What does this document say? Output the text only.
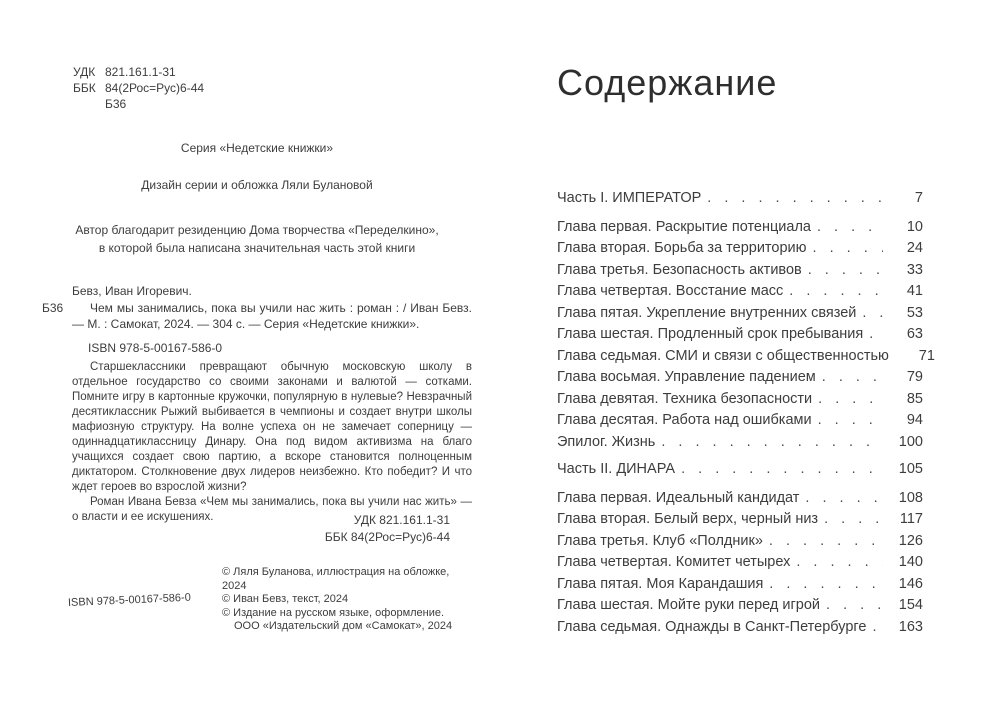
УДК 821.161.1-31
ББК 84(2Рос=Рус)6-44
Б36
Серия «Недетские книжки»
Дизайн серии и обложка Ляли Булановой
Автор благодарит резиденцию Дома творчества «Переделкино»,
в которой была написана значительная часть этой книги
Бевз, Иван Игоревич.
Б36	Чем мы занимались, пока вы учили нас жить : роман : / Иван Бевз. — М. : Самокат, 2024. — 304 с. — Серия «Недетские книжки».
ISBN 978-5-00167-586-0

Старшеклассники превращают обычную московскую школу в отдельное государство со своими законами и валютой — сотками. Помните игру в картонные кружочки, популярную в нулевые? Невзрачный десятиклассник Рыжий выбивается в чемпионы и создает внутри школы мафиозную структуру. На волне успеха он не замечает соперницу — одиннадцатиклассницу Динару. Она под видом активизма на благо учащихся создает свою партию, а вскоре становится полноценным диктатором. Столкновение двух лидеров неизбежно. Кто победит? И что ждет героев во взрослой жизни?

Роман Ивана Бевза «Чем мы занимались, пока вы учили нас жить» — о власти и ее искушениях.	УДК 821.161.1-31
ББК 84(2Рос=Рус)6-44
© Ляля Буланова, иллюстрация на обложке, 2024
© Иван Бевз, текст, 2024
© Издание на русском языке, оформление.
ООО «Издательский дом «Самокат», 2024
ISBN 978-5-00167-586-0
Содержание
Часть I. ИМПЕРАТОР . . .	7
Глава первая. Раскрытие потенциала . . .	10
Глава вторая. Борьба за территорию . . .	24
Глава третья. Безопасность активов . . .	33
Глава четвертая. Восстание масс . . .	41
Глава пятая. Укрепление внутренних связей . . .	53
Глава шестая. Продленный срок пребывания . . .	63
Глава седьмая. СМИ и связи с общественностью	71
Глава восьмая. Управление падением . . .	79
Глава девятая. Техника безопасности . . .	85
Глава десятая. Работа над ошибками . . .	94
Эпилог. Жизнь . . .	100
Часть II. ДИНАРА . . .	105
Глава первая. Идеальный кандидат . . .	108
Глава вторая. Белый верх, черный низ . . .	117
Глава третья. Клуб «Полдник» . . .	126
Глава четвертая. Комитет четырех . . .	140
Глава пятая. Моя Карандашия . . .	146
Глава шестая. Мойте руки перед игрой . . .	154
Глава седьмая. Однажды в Санкт-Петербурге . . .	163
